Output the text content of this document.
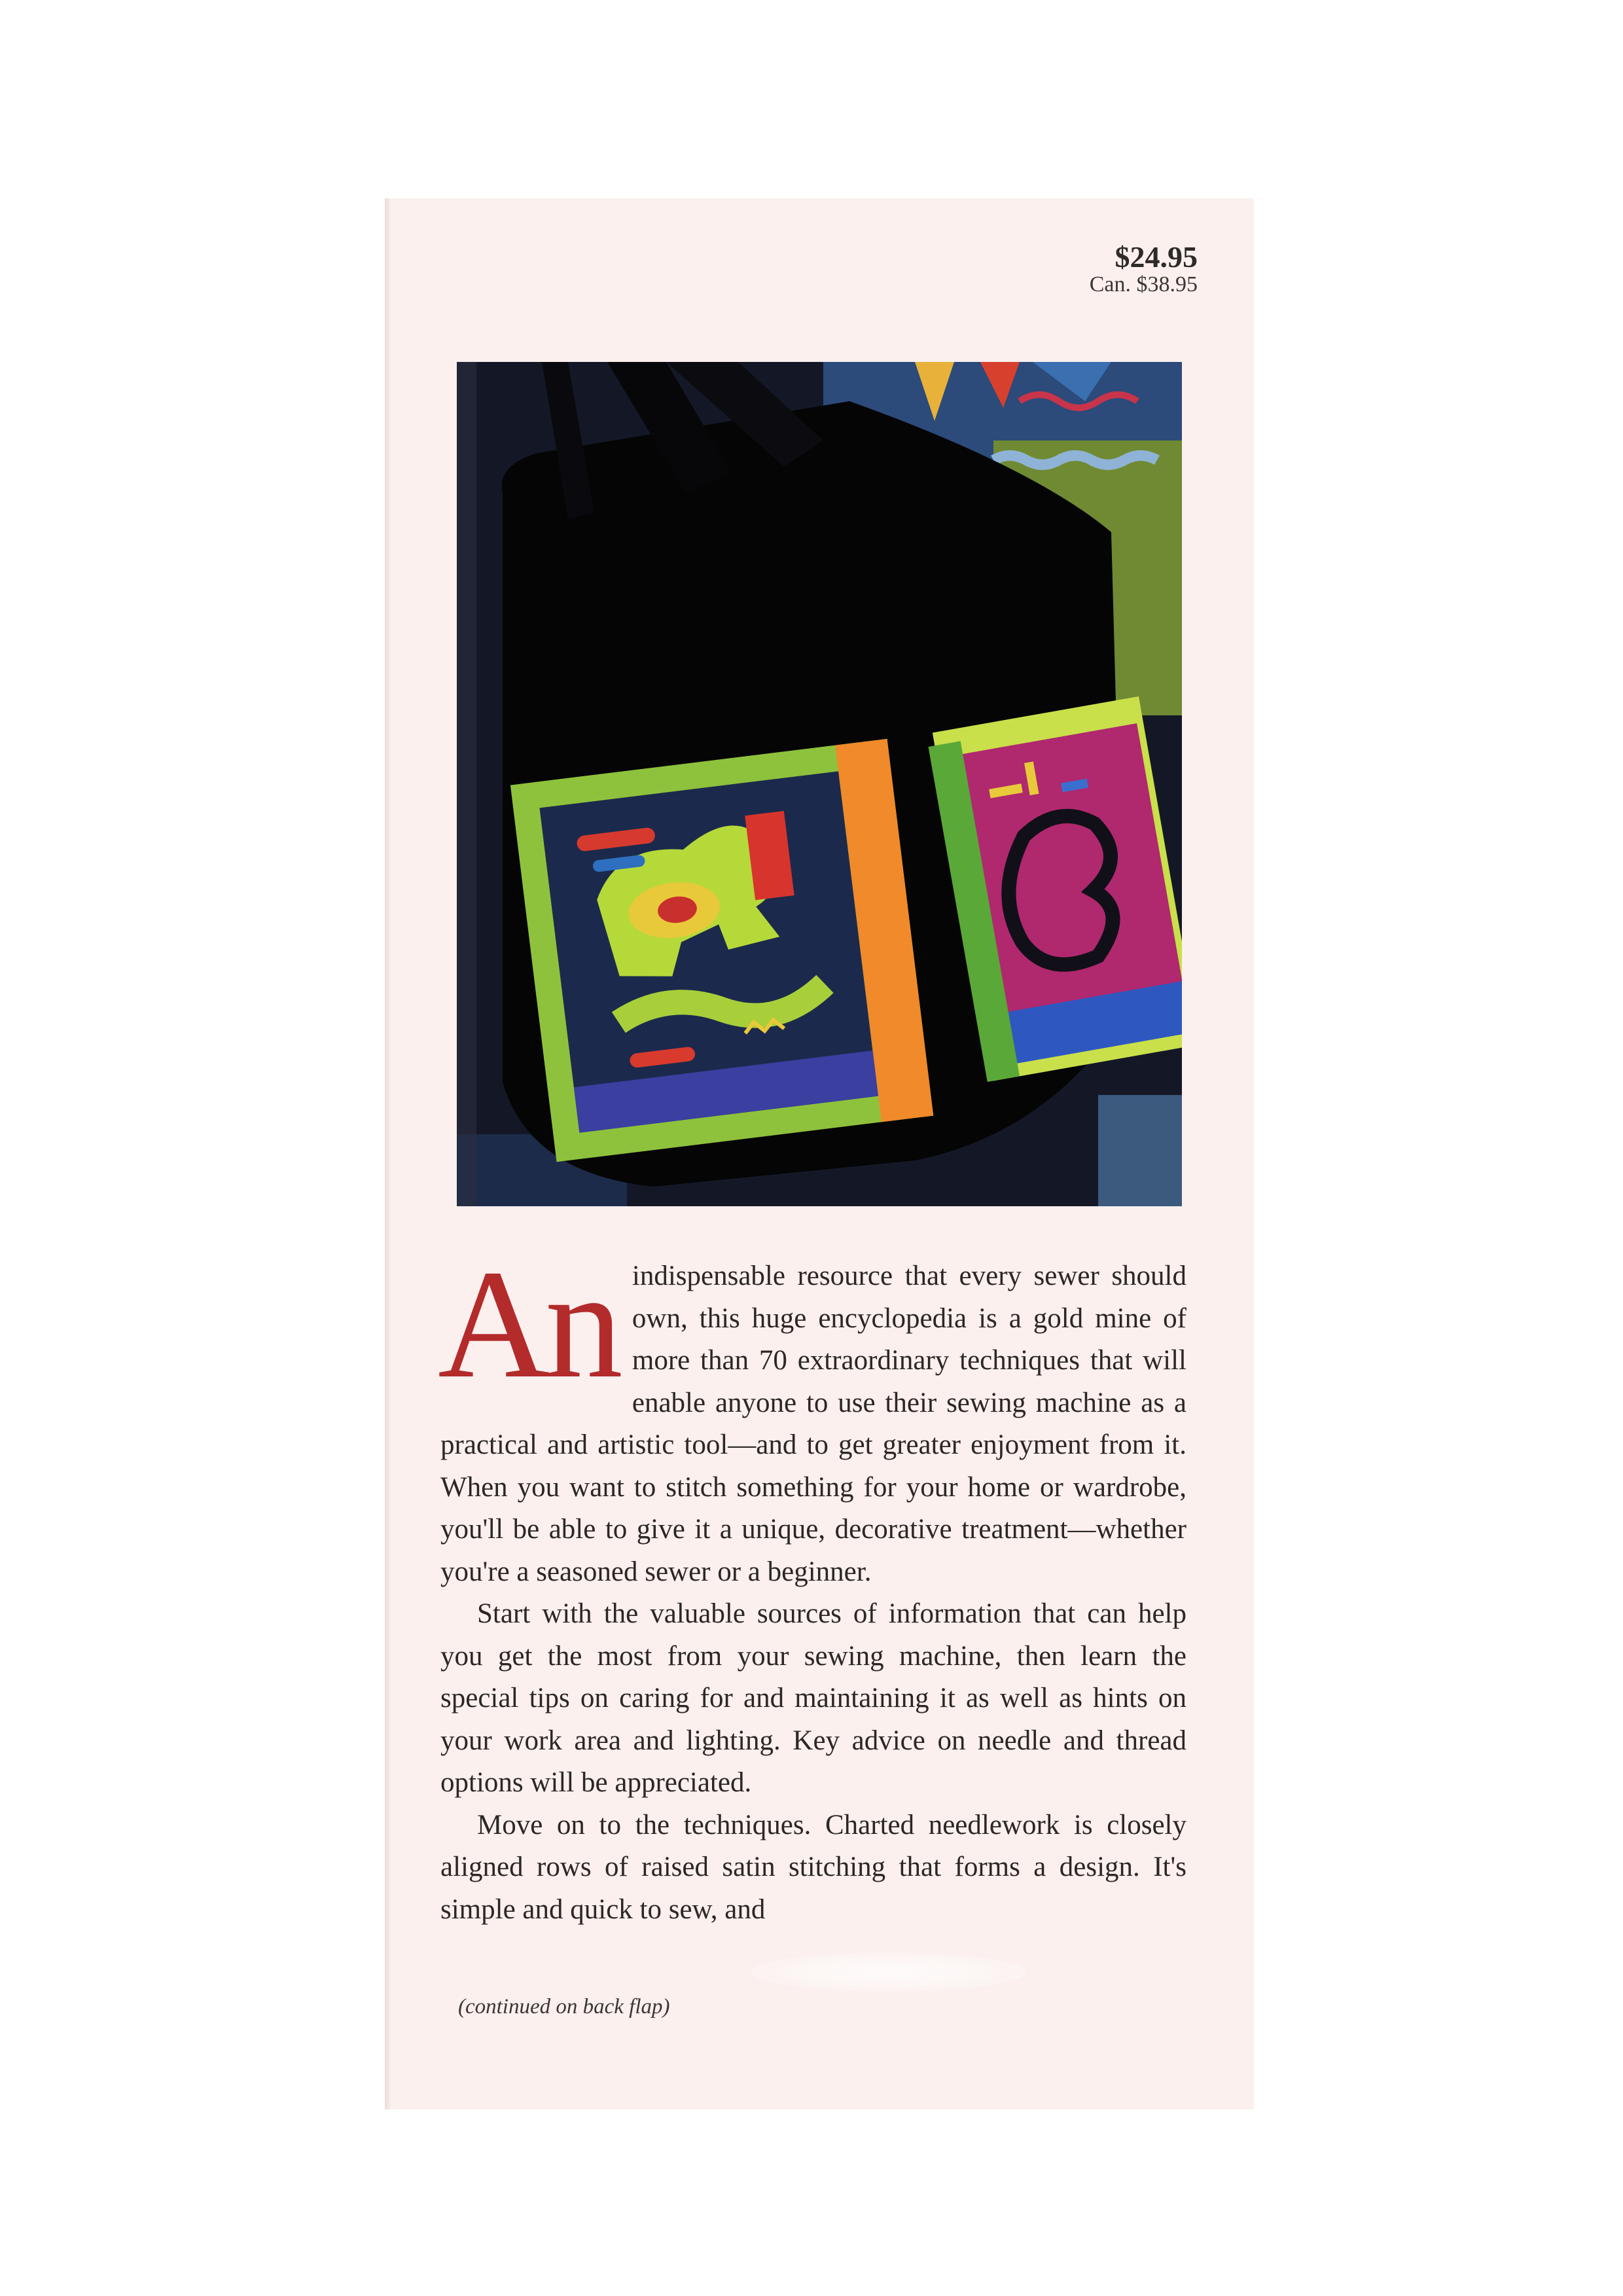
$24.95
Can. $38.95

An indispensable resource that every sewer should own, this huge encyclopedia is a gold mine of more than 70 extraordinary techniques that will enable anyone to use their sewing machine as a practical and artistic tool—and to get greater enjoyment from it. When you want to stitch something for your home or wardrobe, you'll be able to give it a unique, decorative treatment—whether you're a seasoned sewer or a beginner.

Start with the valuable sources of information that can help you get the most from your sewing machine, then learn the special tips on caring for and maintaining it as well as hints on your work area and lighting. Key advice on needle and thread options will be appreciated.

Move on to the techniques. Charted needlework is closely aligned rows of raised satin stitching that forms a design. It's simple and quick to sew, and

(continued on back flap)
